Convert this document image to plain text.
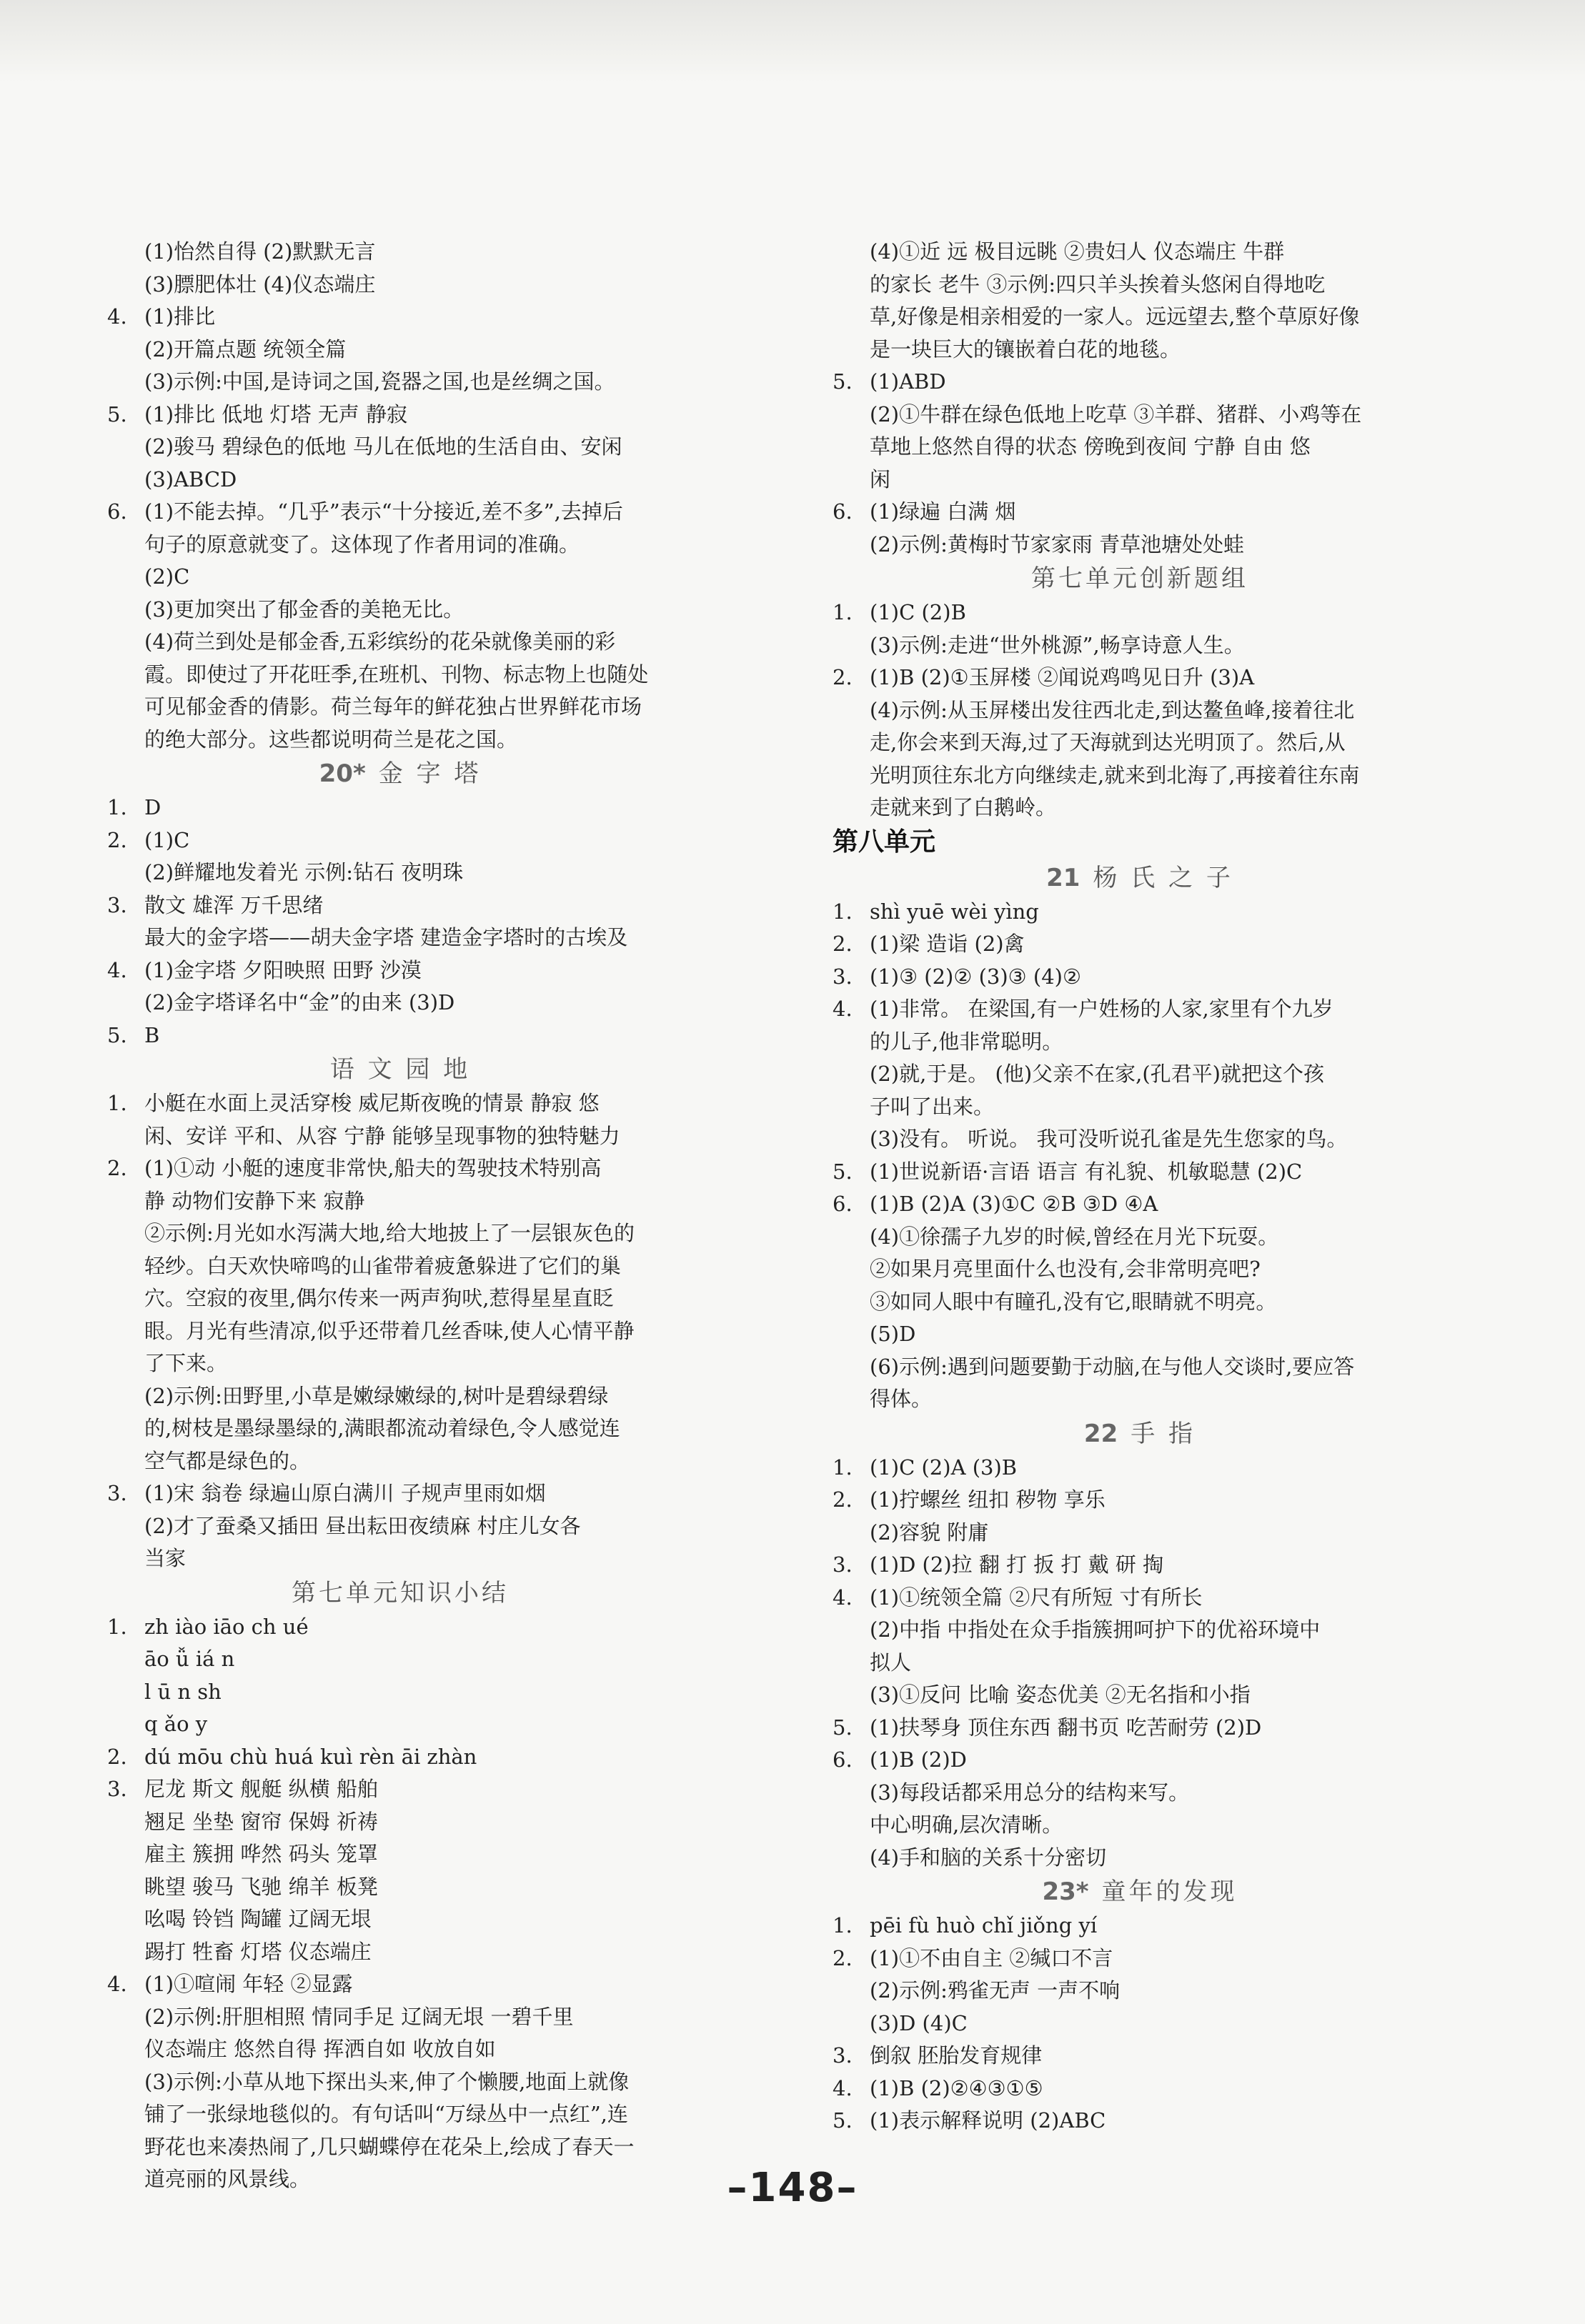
(1)怡然自得 (2)默默无言
(3)膘肥体壮 (4)仪态端庄
4. (1)排比
(2)开篇点题 统领全篇
(3)示例:中国,是诗词之国,瓷器之国,也是丝绸之国。
5. (1)排比 低地 灯塔 无声 静寂
(2)骏马 碧绿色的低地 马儿在低地的生活自由、安闲
(3)ABCD
6. (1)不能去掉。“几乎”表示“十分接近,差不多”,去掉后
句子的原意就变了。这体现了作者用词的准确。
(2)C
(3)更加突出了郁金香的美艳无比。
(4)荷兰到处是郁金香,五彩缤纷的花朵就像美丽的彩
霞。即使过了开花旺季,在班机、刊物、标志物上也随处
可见郁金香的倩影。荷兰每年的鲜花独占世界鲜花市场
的绝大部分。这些都说明荷兰是花之国。
20* 金 字 塔
1. D
2. (1)C
(2)鲜耀地发着光 示例:钻石 夜明珠
3. 散文 雄浑 万千思绪
最大的金字塔——胡夫金字塔 建造金字塔时的古埃及
4. (1)金字塔 夕阳映照 田野 沙漠
(2)金字塔译名中“金”的由来 (3)D
5. B
语 文 园 地
1. 小艇在水面上灵活穿梭 威尼斯夜晚的情景 静寂 悠
闲、安详 平和、从容 宁静 能够呈现事物的独特魅力
2. (1)①动 小艇的速度非常快,船夫的驾驶技术特别高
静 动物们安静下来 寂静
②示例:月光如水泻满大地,给大地披上了一层银灰色的
轻纱。白天欢快啼鸣的山雀带着疲惫躲进了它们的巢
穴。空寂的夜里,偶尔传来一两声狗吠,惹得星星直眨
眼。月光有些清凉,似乎还带着几丝香味,使人心情平静
了下来。
(2)示例:田野里,小草是嫩绿嫩绿的,树叶是碧绿碧绿
的,树枝是墨绿墨绿的,满眼都流动着绿色,令人感觉连
空气都是绿色的。
3. (1)宋 翁卷 绿遍山原白满川 子规声里雨如烟
(2)才了蚕桑又插田 昼出耘田夜绩麻 村庄儿女各
当家
第七单元知识小结
1. zh iào iāo ch ué
āo ǚ iá n
l ū n sh
q ǎo y
2. dú mōu chù huá kuì rèn āi zhàn
3. 尼龙 斯文 舰艇 纵横 船舶
翘足 坐垫 窗帘 保姆 祈祷
雇主 簇拥 哗然 码头 笼罩
眺望 骏马 飞驰 绵羊 板凳
吆喝 铃铛 陶罐 辽阔无垠
踢打 牲畜 灯塔 仪态端庄
4. (1)①喧闹 年轻 ②显露
(2)示例:肝胆相照 情同手足 辽阔无垠 一碧千里
仪态端庄 悠然自得 挥洒自如 收放自如
(3)示例:小草从地下探出头来,伸了个懒腰,地面上就像
铺了一张绿地毯似的。有句话叫“万绿丛中一点红”,连
野花也来凑热闹了,几只蝴蝶停在花朵上,绘成了春天一
道亮丽的风景线。
(4)①近 远 极目远眺 ②贵妇人 仪态端庄 牛群
的家长 老牛 ③示例:四只羊头挨着头悠闲自得地吃
草,好像是相亲相爱的一家人。远远望去,整个草原好像
是一块巨大的镶嵌着白花的地毯。
5. (1)ABD
(2)①牛群在绿色低地上吃草 ③羊群、猪群、小鸡等在
草地上悠然自得的状态 傍晚到夜间 宁静 自由 悠
闲
6. (1)绿遍 白满 烟
(2)示例:黄梅时节家家雨 青草池塘处处蛙
第七单元创新题组
1. (1)C (2)B
(3)示例:走进“世外桃源”,畅享诗意人生。
2. (1)B (2)①玉屏楼 ②闻说鸡鸣见日升 (3)A
(4)示例:从玉屏楼出发往西北走,到达鳌鱼峰,接着往北
走,你会来到天海,过了天海就到达光明顶了。然后,从
光明顶往东北方向继续走,就来到北海了,再接着往东南
走就来到了白鹅岭。
第八单元
21 杨 氏 之 子
1. shì yuē wèi yìng
2. (1)梁 造诣 (2)禽
3. (1)③ (2)② (3)③ (4)②
4. (1)非常。 在梁国,有一户姓杨的人家,家里有个九岁
的儿子,他非常聪明。
(2)就,于是。 (他)父亲不在家,(孔君平)就把这个孩
子叫了出来。
(3)没有。 听说。 我可没听说孔雀是先生您家的鸟。
5. (1)世说新语·言语 语言 有礼貌、机敏聪慧 (2)C
6. (1)B (2)A (3)①C ②B ③D ④A
(4)①徐孺子九岁的时候,曾经在月光下玩耍。
②如果月亮里面什么也没有,会非常明亮吧?
③如同人眼中有瞳孔,没有它,眼睛就不明亮。
(5)D
(6)示例:遇到问题要勤于动脑,在与他人交谈时,要应答
得体。
22 手 指
1. (1)C (2)A (3)B
2. (1)拧螺丝 纽扣 秽物 享乐
(2)容貌 附庸
3. (1)D (2)拉 翻 打 扳 打 戴 研 掏
4. (1)①统领全篇 ②尺有所短 寸有所长
(2)中指 中指处在众手指簇拥呵护下的优裕环境中
拟人
(3)①反问 比喻 姿态优美 ②无名指和小指
5. (1)扶琴身 顶住东西 翻书页 吃苦耐劳 (2)D
6. (1)B (2)D
(3)每段话都采用总分的结构来写。
中心明确,层次清晰。
(4)手和脑的关系十分密切
23* 童年的发现
1. pēi fù huò chǐ jiǒng yí
2. (1)①不由自主 ②缄口不言
(2)示例:鸦雀无声 一声不响
(3)D (4)C
3. 倒叙 胚胎发育规律
4. (1)B (2)②④③①⑤
5. (1)表示解释说明 (2)ABC
–148–
